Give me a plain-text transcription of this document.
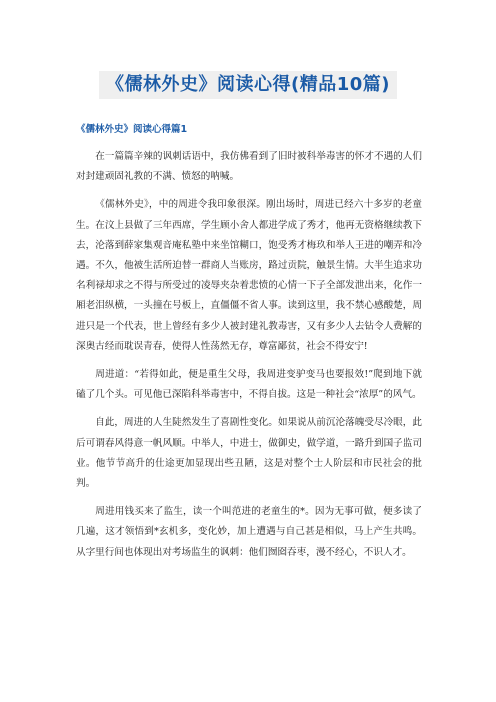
《儒林外史》阅读心得(精品10篇)
《儒林外史》阅读心得篇1

在一篇篇辛辣的讽刺话语中，我仿佛看到了旧时被科举毒害的怀才不遇的人们对封建顽固礼教的不满、愤怒的呐喊。

《儒林外史》，中的周进令我印象很深。刚出场时，周进已经六十多岁的老童生。在汶上县做了三年西席，学生顾小舍人都进学成了秀才，他再无资格继续教下去，沦落到薛家集观音庵私塾中来坐馆糊口，饱受秀才梅玖和举人王进的嘲弄和冷遇。不久，他被生活所迫替一群商人当账房，路过贡院，触景生情。大半生追求功名利禄却求之不得与所受过的凌辱夹杂着悲愤的心情一下子全部发泄出来，化作一厢老泪纵横，一头撞在号板上，直僵僵不省人事。读到这里，我不禁心感酸楚，周进只是一个代表，世上曾经有多少人被封建礼教毒害，又有多少人去钻令人费解的深奥古经而耽误青春，使得人性荡然无存，尊富鄙贫，社会不得安宁!

周进道：“若得如此，便是重生父母，我周进变驴变马也要报效!”爬到地下就磕了几个头。可见他已深陷科举毒害中，不得自拔。这是一种社会“浓厚”的风气。

自此，周进的人生陡然发生了喜剧性变化。如果说从前沉沦落魄受尽冷眼，此后可谓春风得意一帆风顺。中举人，中进士，做御史，做学道，一路升到国子监司业。他节节高升的仕途更加显现出些丑陋，这是对整个士人阶层和市民社会的批判。

周进用钱买来了监生，读一个叫范进的老童生的*。因为无事可做，便多读了几遍，这才领悟到*玄机多，变化妙，加上遭遇与自己甚是相似，马上产生共鸣。从字里行间也体现出对考场监生的讽刺：他们囫囵吞枣，漫不经心，不识人才。
